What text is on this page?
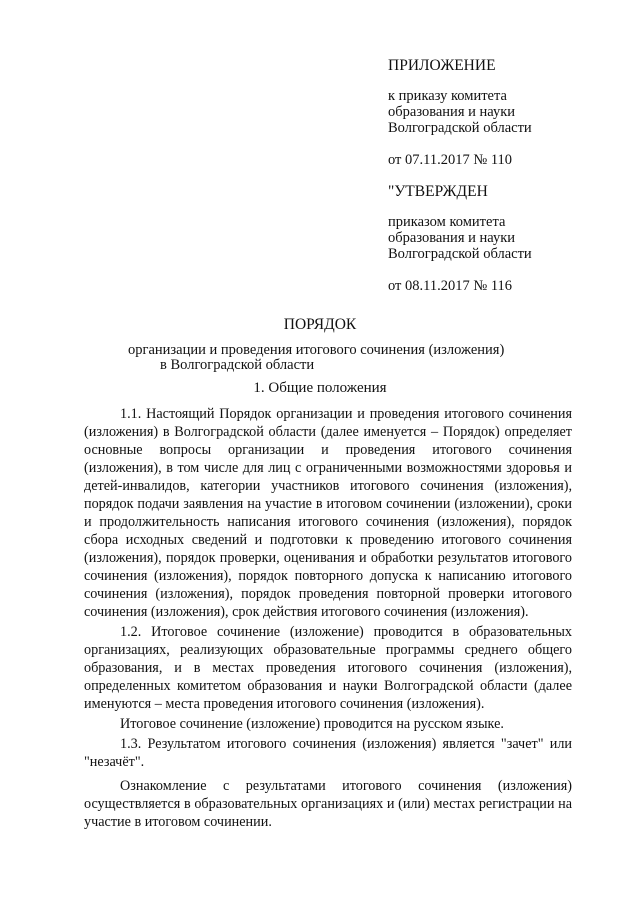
ПРИЛОЖЕНИЕ
к приказу комитета
образования и науки
Волгоградской области
от 07.11.2017 № 110
"УТВЕРЖДЕН
приказом комитета
образования и науки
Волгоградской области
от 08.11.2017 № 116
ПОРЯДОК
организации и проведения итогового сочинения (изложения)
в Волгоградской области
1. Общие положения

1.1. Настоящий Порядок организации и проведения итогового сочинения (изложения) в Волгоградской области (далее именуется – Порядок) определяет основные вопросы организации и проведения итогового сочинения (изложения), в том числе для лиц с ограниченными возможностями здоровья и детей-инвалидов, категории участников итогового сочинения (изложения), порядок подачи заявления на участие в итоговом сочинении (изложении), сроки и продолжительность написания итогового сочинения (изложения), порядок сбора исходных сведений и подготовки к проведению итогового сочинения (изложения), порядок проверки, оценивания и обработки результатов итогового сочинения (изложения), порядок повторного допуска к написанию итогового сочинения (изложения), порядок проведения повторной проверки итогового сочинения (изложения), срок действия итогового сочинения (изложения).

1.2. Итоговое сочинение (изложение) проводится в образовательных организациях, реализующих образовательные программы среднего общего образования, и в местах проведения итогового сочинения (изложения), определенных комитетом образования и науки Волгоградской области (далее именуются – места проведения итогового сочинения (изложения).

Итоговое сочинение (изложение) проводится на русском языке.

1.3. Результатом итогового сочинения (изложения) является "зачет" или "незачёт".

Ознакомление с результатами итогового сочинения (изложения) осуществляется в образовательных организациях и (или) местах регистрации на участие в итоговом сочинении.
